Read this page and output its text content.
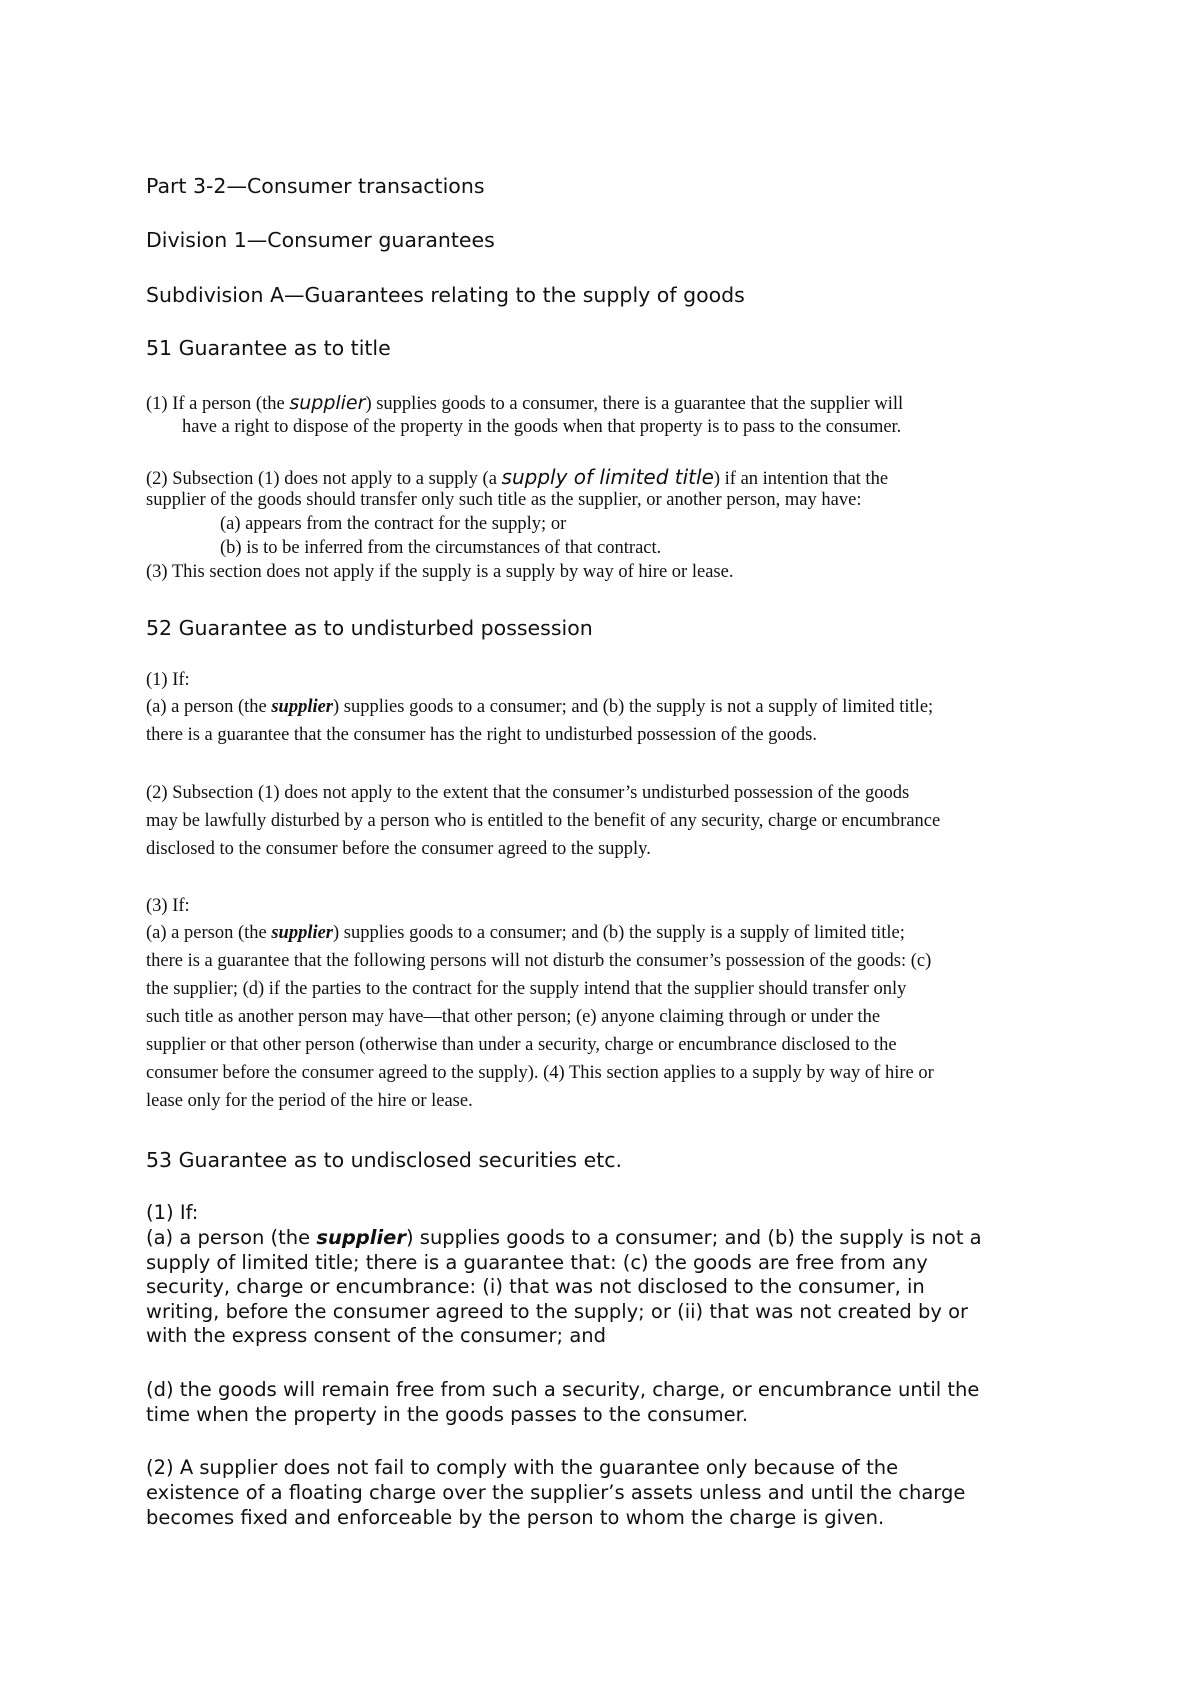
Part 3-2—Consumer transactions
Division 1—Consumer guarantees
Subdivision A—Guarantees relating to the supply of goods
51 Guarantee as to title

(1) If a person (the supplier) supplies goods to a consumer, there is a guarantee that the supplier will

have a right to dispose of the property in the goods when that property is to pass to the consumer.

(2) Subsection (1) does not apply to a supply (a supply of limited title) if an intention that the

supplier of the goods should transfer only such title as the supplier, or another person, may have:

(a) appears from the contract for the supply; or

(b) is to be inferred from the circumstances of that contract.

(3) This section does not apply if the supply is a supply by way of hire or lease.

52 Guarantee as to undisturbed possession

(1) If:

(a) a person (the supplier) supplies goods to a consumer; and (b) the supply is not a supply of limited title;

there is a guarantee that the consumer has the right to undisturbed possession of the goods.

(2) Subsection (1) does not apply to the extent that the consumer’s undisturbed possession of the goods

may be lawfully disturbed by a person who is entitled to the benefit of any security, charge or encumbrance

disclosed to the consumer before the consumer agreed to the supply.

(3) If:

(a) a person (the supplier) supplies goods to a consumer; and (b) the supply is a supply of limited title;

there is a guarantee that the following persons will not disturb the consumer’s possession of the goods: (c)

the supplier; (d) if the parties to the contract for the supply intend that the supplier should transfer only

such title as another person may have—that other person; (e) anyone claiming through or under the

supplier or that other person (otherwise than under a security, charge or encumbrance disclosed to the

consumer before the consumer agreed to the supply). (4) This section applies to a supply by way of hire or

lease only for the period of the hire or lease.

53 Guarantee as to undisclosed securities etc.

(1) If:

(a) a person (the supplier) supplies goods to a consumer; and (b) the supply is not a

supply of limited title; there is a guarantee that: (c) the goods are free from any

security, charge or encumbrance: (i) that was not disclosed to the consumer, in

writing, before the consumer agreed to the supply; or (ii) that was not created by or

with the express consent of the consumer; and

(d) the goods will remain free from such a security, charge, or encumbrance until the

time when the property in the goods passes to the consumer.

(2) A supplier does not fail to comply with the guarantee only because of the

existence of a floating charge over the supplier’s assets unless and until the charge

becomes fixed and enforceable by the person to whom the charge is given.
